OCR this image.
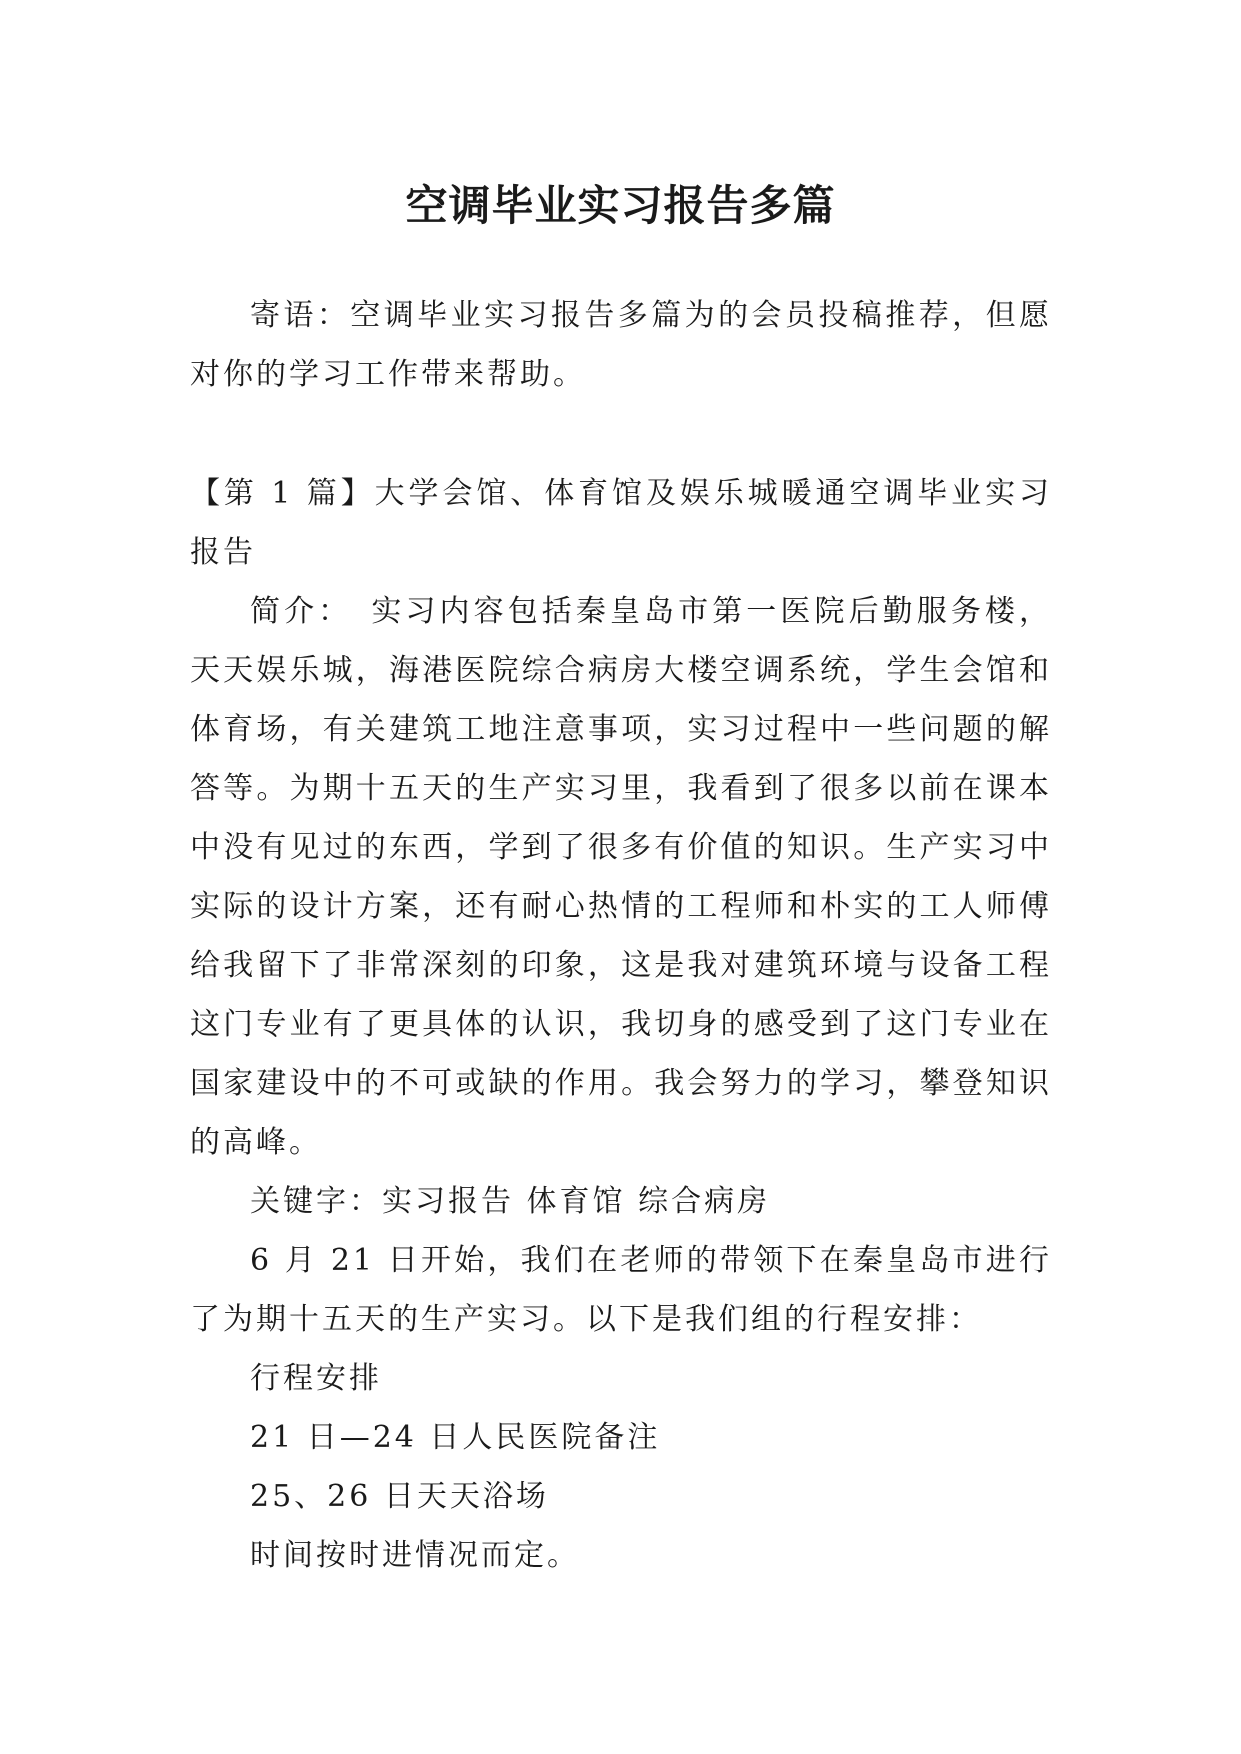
空调毕业实习报告多篇

寄语：空调毕业实习报告多篇为的会员投稿推荐，但愿对你的学习工作带来帮助。

【第 1 篇】大学会馆、体育馆及娱乐城暖通空调毕业实习报告

简介：　实习内容包括秦皇岛市第一医院后勤服务楼，天天娱乐城，海港医院综合病房大楼空调系统，学生会馆和体育场，有关建筑工地注意事项，实习过程中一些问题的解答等。为期十五天的生产实习里，我看到了很多以前在课本中没有见过的东西，学到了很多有价值的知识。生产实习中实际的设计方案，还有耐心热情的工程师和朴实的工人师傅给我留下了非常深刻的印象，这是我对建筑环境与设备工程这门专业有了更具体的认识，我切身的感受到了这门专业在国家建设中的不可或缺的作用。我会努力的学习，攀登知识的高峰。

关键字：实习报告 体育馆 综合病房

6 月 21 日开始，我们在老师的带领下在秦皇岛市进行了为期十五天的生产实习。以下是我们组的行程安排：

行程安排

21 日—24 日人民医院备注

25、26 日天天浴场

时间按时进情况而定。
